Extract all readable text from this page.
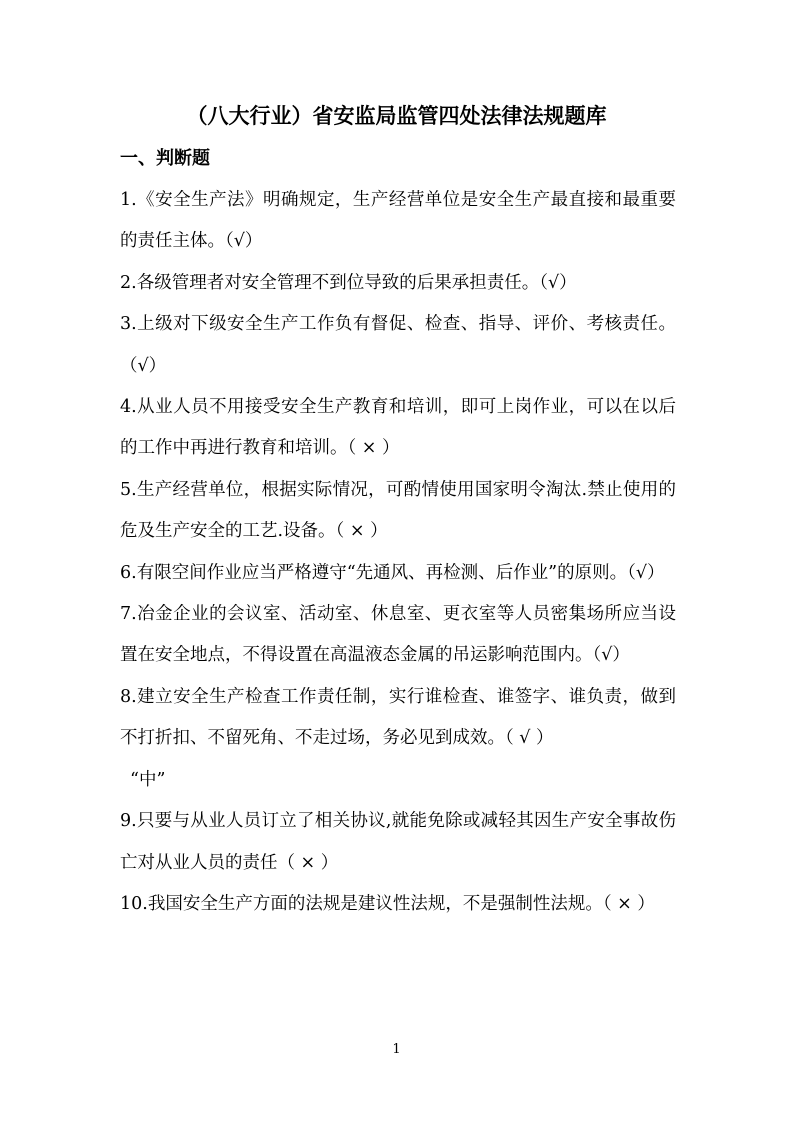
（八大行业）省安监局监管四处法律法规题库
一、判断题

1.《安全生产法》明确规定，生产经营单位是安全生产最直接和最重要的责任主体。（√）

2.各级管理者对安全管理不到位导致的后果承担责任。（√）

3.上级对下级安全生产工作负有督促、检查、指导、评价、考核责任。（√）

4.从业人员不用接受安全生产教育和培训，即可上岗作业，可以在以后的工作中再进行教育和培训。（ × ）

5.生产经营单位，根据实际情况，可酌情使用国家明令淘汰.禁止使用的危及生产安全的工艺.设备。（ × ）

6.有限空间作业应当严格遵守“先通风、再检测、后作业”的原则。（√）

7.冶金企业的会议室、活动室、休息室、更衣室等人员密集场所应当设置在安全地点，不得设置在高温液态金属的吊运影响范围内。（√）

8.建立安全生产检查工作责任制，实行谁检查、谁签字、谁负责，做到不打折扣、不留死角、不走过场，务必见到成效。（ √ ）

“中”

9.只要与从业人员订立了相关协议,就能免除或减轻其因生产安全事故伤亡对从业人员的责任（ × ）

10.我国安全生产方面的法规是建议性法规，不是强制性法规。（ × ）

1
